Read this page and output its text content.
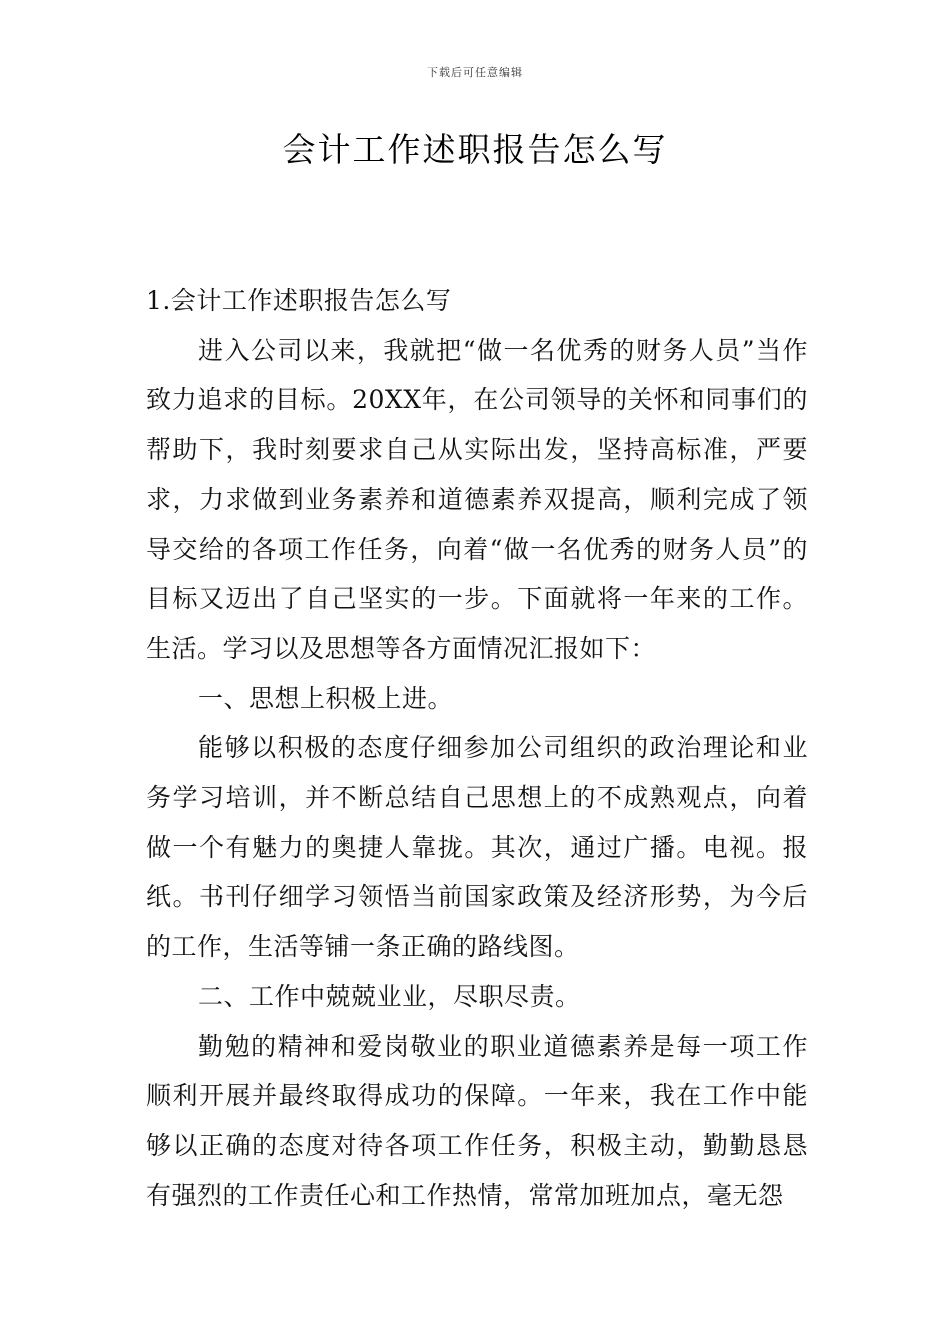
下载后可任意编辑
会计工作述职报告怎么写

1.会计工作述职报告怎么写

进入公司以来，我就把“做一名优秀的财务人员”当作致力追求的目标。20XX年，在公司领导的关怀和同事们的帮助下，我时刻要求自己从实际出发，坚持高标准，严要求，力求做到业务素养和道德素养双提高，顺利完成了领导交给的各项工作任务，向着“做一名优秀的财务人员”的目标又迈出了自己坚实的一步。下面就将一年来的工作。生活。学习以及思想等各方面情况汇报如下：

一、思想上积极上进。

能够以积极的态度仔细参加公司组织的政治理论和业务学习培训，并不断总结自己思想上的不成熟观点，向着做一个有魅力的奥捷人靠拢。其次，通过广播。电视。报纸。书刊仔细学习领悟当前国家政策及经济形势，为今后的工作，生活等铺一条正确的路线图。

二、工作中兢兢业业，尽职尽责。

勤勉的精神和爱岗敬业的职业道德素养是每一项工作顺利开展并最终取得成功的保障。一年来，我在工作中能够以正确的态度对待各项工作任务，积极主动，勤勤恳恳有强烈的工作责任心和工作热情，常常加班加点，毫无怨
